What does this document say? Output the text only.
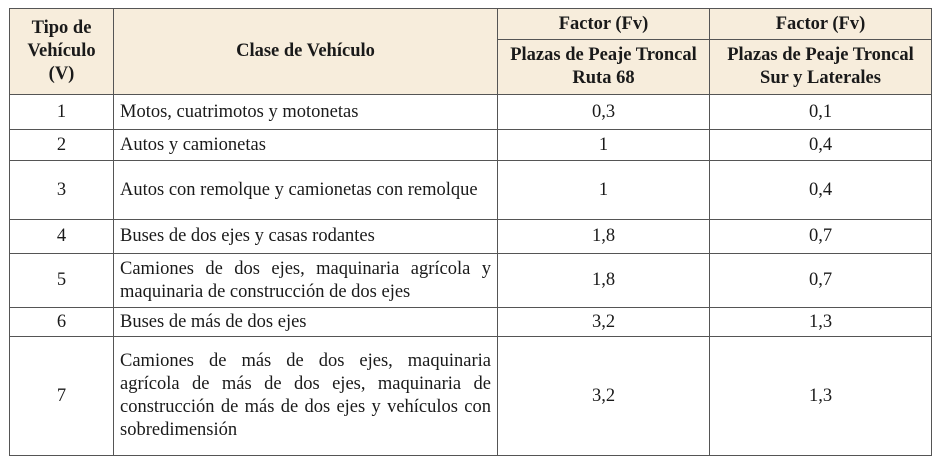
Tipo de Vehículo (V)	Clase de Vehículo	Factor (Fv)	Factor (Fv)
		Plazas de Peaje Troncal Ruta 68	Plazas de Peaje Troncal Sur y Laterales
1	Motos, cuatrimotos y motonetas	0,3	0,1
2	Autos y camionetas	1	0,4
3	Autos con remolque y camionetas con remolque	1	0,4
4	Buses de dos ejes y casas rodantes	1,8	0,7
5	Camiones de dos ejes, maquinaria agrícola y maquinaria de construcción de dos ejes	1,8	0,7
6	Buses de más de dos ejes	3,2	1,3
7	Camiones de más de dos ejes, maquinaria agrícola de más de dos ejes, maquinaria de construcción de más de dos ejes y vehículos con sobredimensión	3,2	1,3
